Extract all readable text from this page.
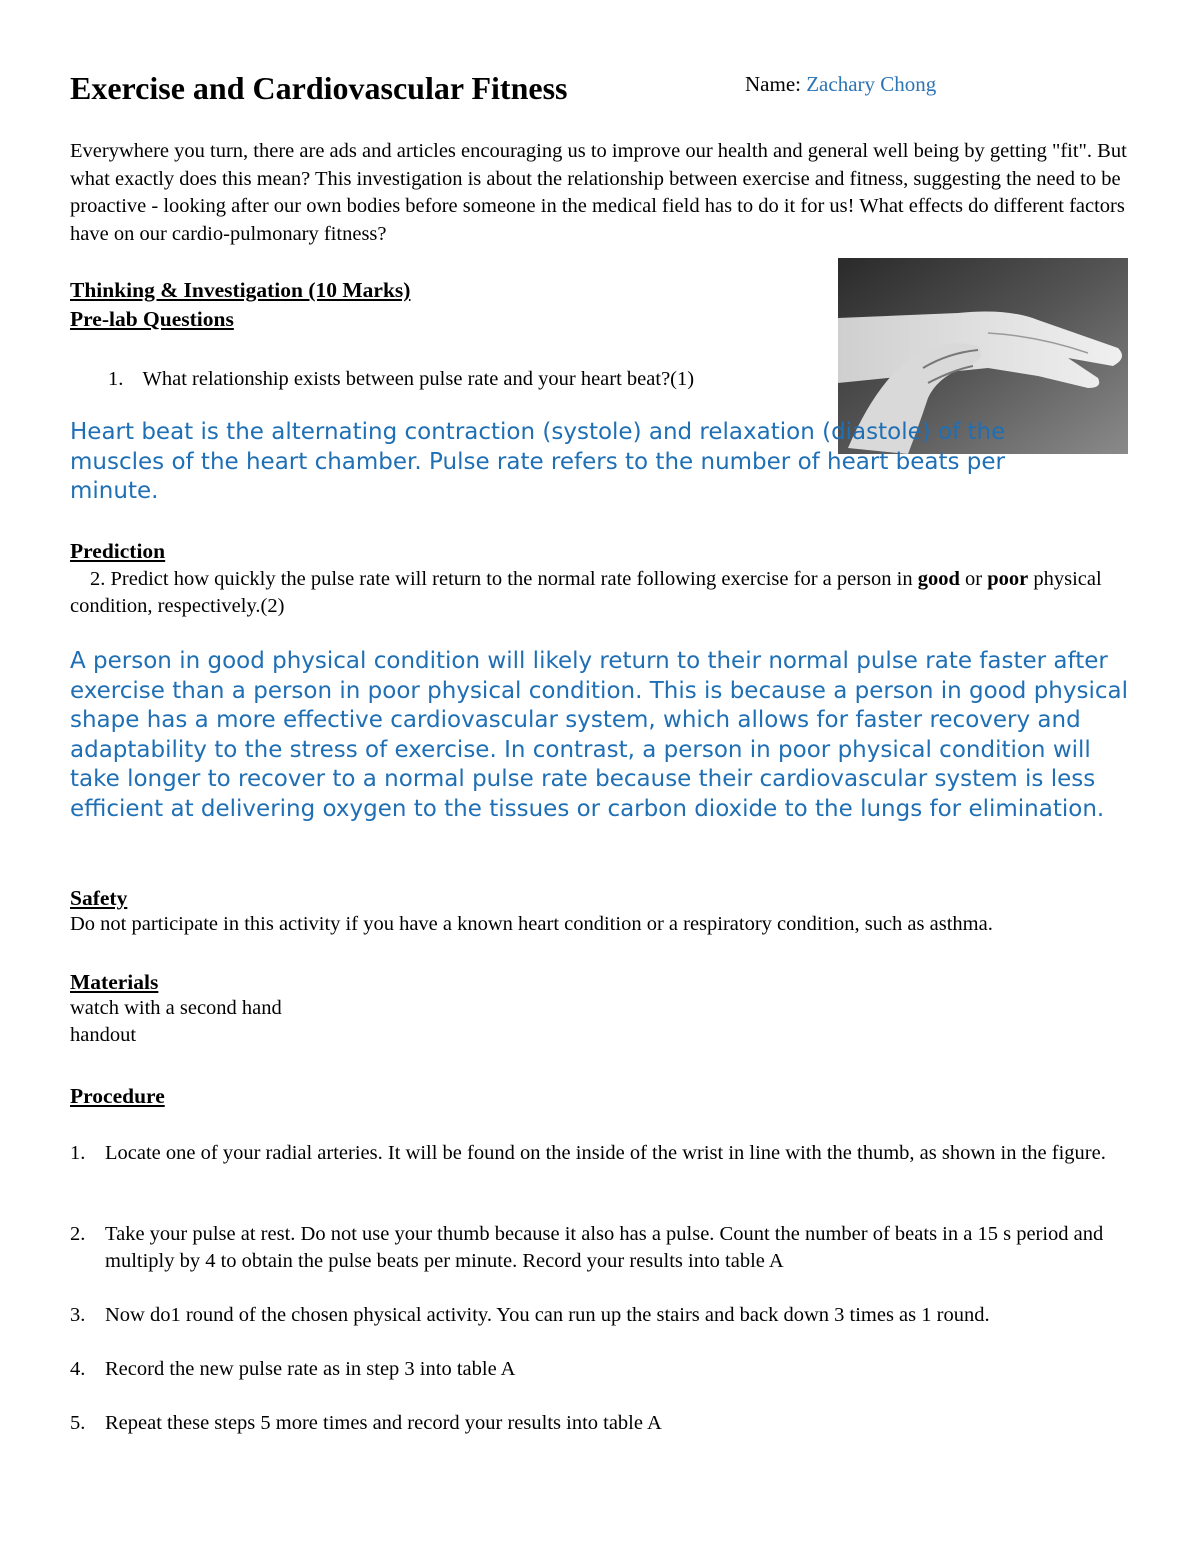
Exercise and Cardiovascular Fitness	Name: Zachary Chong

Everywhere you turn, there are ads and articles encouraging us to improve our health and general well being by getting "fit". But what exactly does this mean? This investigation is about the relationship between exercise and fitness, suggesting the need to be proactive - looking after our own bodies before someone in the medical field has to do it for us! What effects do different factors have on our cardio-pulmonary fitness?

Thinking & Investigation (10 Marks)

Pre-lab Questions

1. What relationship exists between pulse rate and your heart beat?(1)

Heart beat is the alternating contraction (systole) and relaxation (diastole) of the muscles of the heart chamber. Pulse rate refers to the number of heart beats per minute.

Prediction

2. Predict how quickly the pulse rate will return to the normal rate following exercise for a person in good or poor physical condition, respectively.(2)

A person in good physical condition will likely return to their normal pulse rate faster after exercise than a person in poor physical condition. This is because a person in good physical shape has a more effective cardiovascular system, which allows for faster recovery and adaptability to the stress of exercise. In contrast, a person in poor physical condition will take longer to recover to a normal pulse rate because their cardiovascular system is less efficient at delivering oxygen to the tissues or carbon dioxide to the lungs for elimination.

Safety

Do not participate in this activity if you have a known heart condition or a respiratory condition, such as asthma.

Materials

watch with a second hand

handout

Procedure

1. Locate one of your radial arteries. It will be found on the inside of the wrist in line with the thumb, as shown in the figure.
2. Take your pulse at rest. Do not use your thumb because it also has a pulse. Count the number of beats in a 15 s period and multiply by 4 to obtain the pulse beats per minute. Record your results into table A
3. Now do1 round of the chosen physical activity. You can run up the stairs and back down 3 times as 1 round.
4. Record the new pulse rate as in step 3 into table A
5. Repeat these steps 5 more times and record your results into table A
